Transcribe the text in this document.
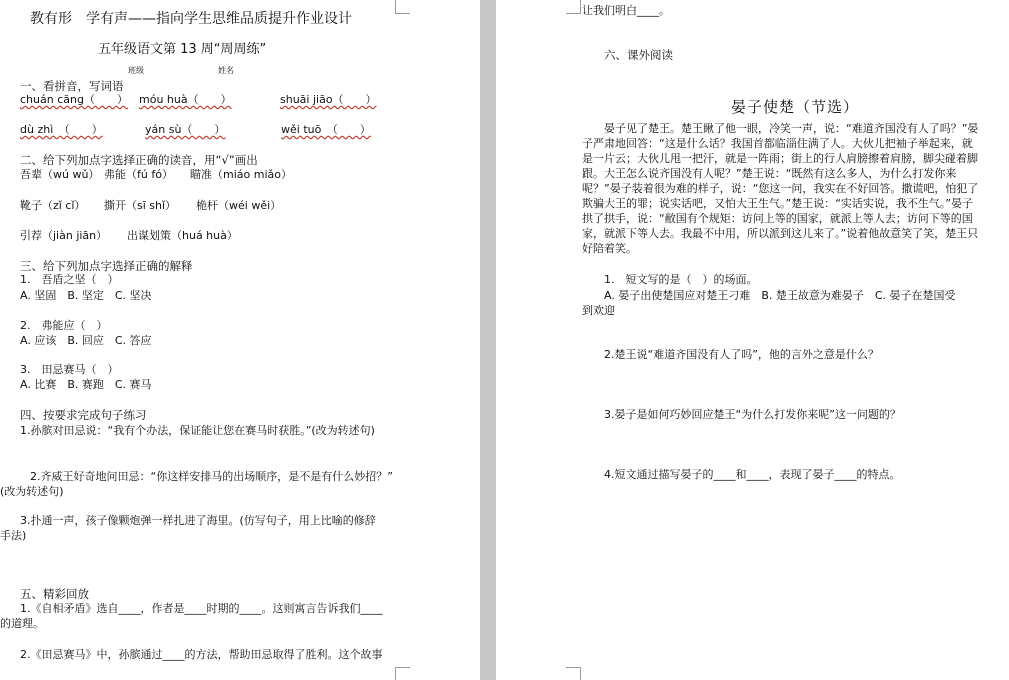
教有形　学有声——指向学生思维品质提升作业设计
五年级语文第 13 周“周周练”
班级	姓名
一、看拼音，写词语
chuán căng（　　） móu huà（　　）	shuāi jiāo（　　）
dù zhì　（　　）	yán sù（　　）	wěi tuō　（　　）
二、给下列加点字选择正确的读音，用“√”画出
吾辈（wú wǔ） 弗能（fú fó） 瞄准（miáo miǎo）
靴子（zǐ cǐ） 撕开（sī shǐ） 桅杆（wéi wěi）
引荐（jiàn jiān） 出谋划策（huá huà）
三、给下列加点字选择正确的解释
1.　吾盾之坚（　）
A. 坚固　B. 坚定　C. 坚决
2.　弗能应（　）
A. 应该　B. 回应　C. 答应
3.　田忌赛马（　）
A. 比赛　B. 赛跑　C. 赛马
四、按要求完成句子练习
1.孙膑对田忌说：“我有个办法，保证能让您在赛马时获胜。”(改为转述句)
2.齐威王好奇地问田忌：“你这样安排马的出场顺序，是不是有什么妙招？”
(改为转述句)
3.扑通一声，孩子像颗炮弹一样扎进了海里。(仿写句子，用上比喻的修辞
手法)
五、精彩回放
1.《自相矛盾》选自____，作者是____时期的____。这则寓言告诉我们____
的道理。
2.《田忌赛马》中，孙膑通过____的方法，帮助田忌取得了胜利。这个故事
让我们明白____。
六、课外阅读
晏子使楚（节选）
晏子见了楚王。楚王瞅了他一眼，冷笑一声，说：“难道齐国没有人了吗？”晏子严肃地回答：“这是什么话？我国首都临淄住满了人。大伙儿把袖子举起来，就是一片云；大伙儿甩一把汗，就是一阵雨；街上的行人肩膀擦着肩膀，脚尖碰着脚跟。大王怎么说齐国没有人呢？”楚王说：“既然有这么多人，为什么打发你来呢？”晏子装着很为难的样子，说：“您这一问，我实在不好回答。撒谎吧，怕犯了欺骗大王的罪；说实话吧，又怕大王生气。”楚王说：“实话实说，我不生气。”晏子拱了拱手，说：“敝国有个规矩：访问上等的国家，就派上等人去；访问下等的国家，就派下等人去。我最不中用，所以派到这儿来了。”说着他故意笑了笑，楚王只好陪着笑。
1.　短文写的是（　）的场面。
A. 晏子出使楚国应对楚王刁难　B. 楚王故意为难晏子　C. 晏子在楚国受
到欢迎
2.楚王说“难道齐国没有人了吗”，他的言外之意是什么？
3.晏子是如何巧妙回应楚王“为什么打发你来呢”这一问题的？
4.短文通过描写晏子的____和____，表现了晏子____的特点。
